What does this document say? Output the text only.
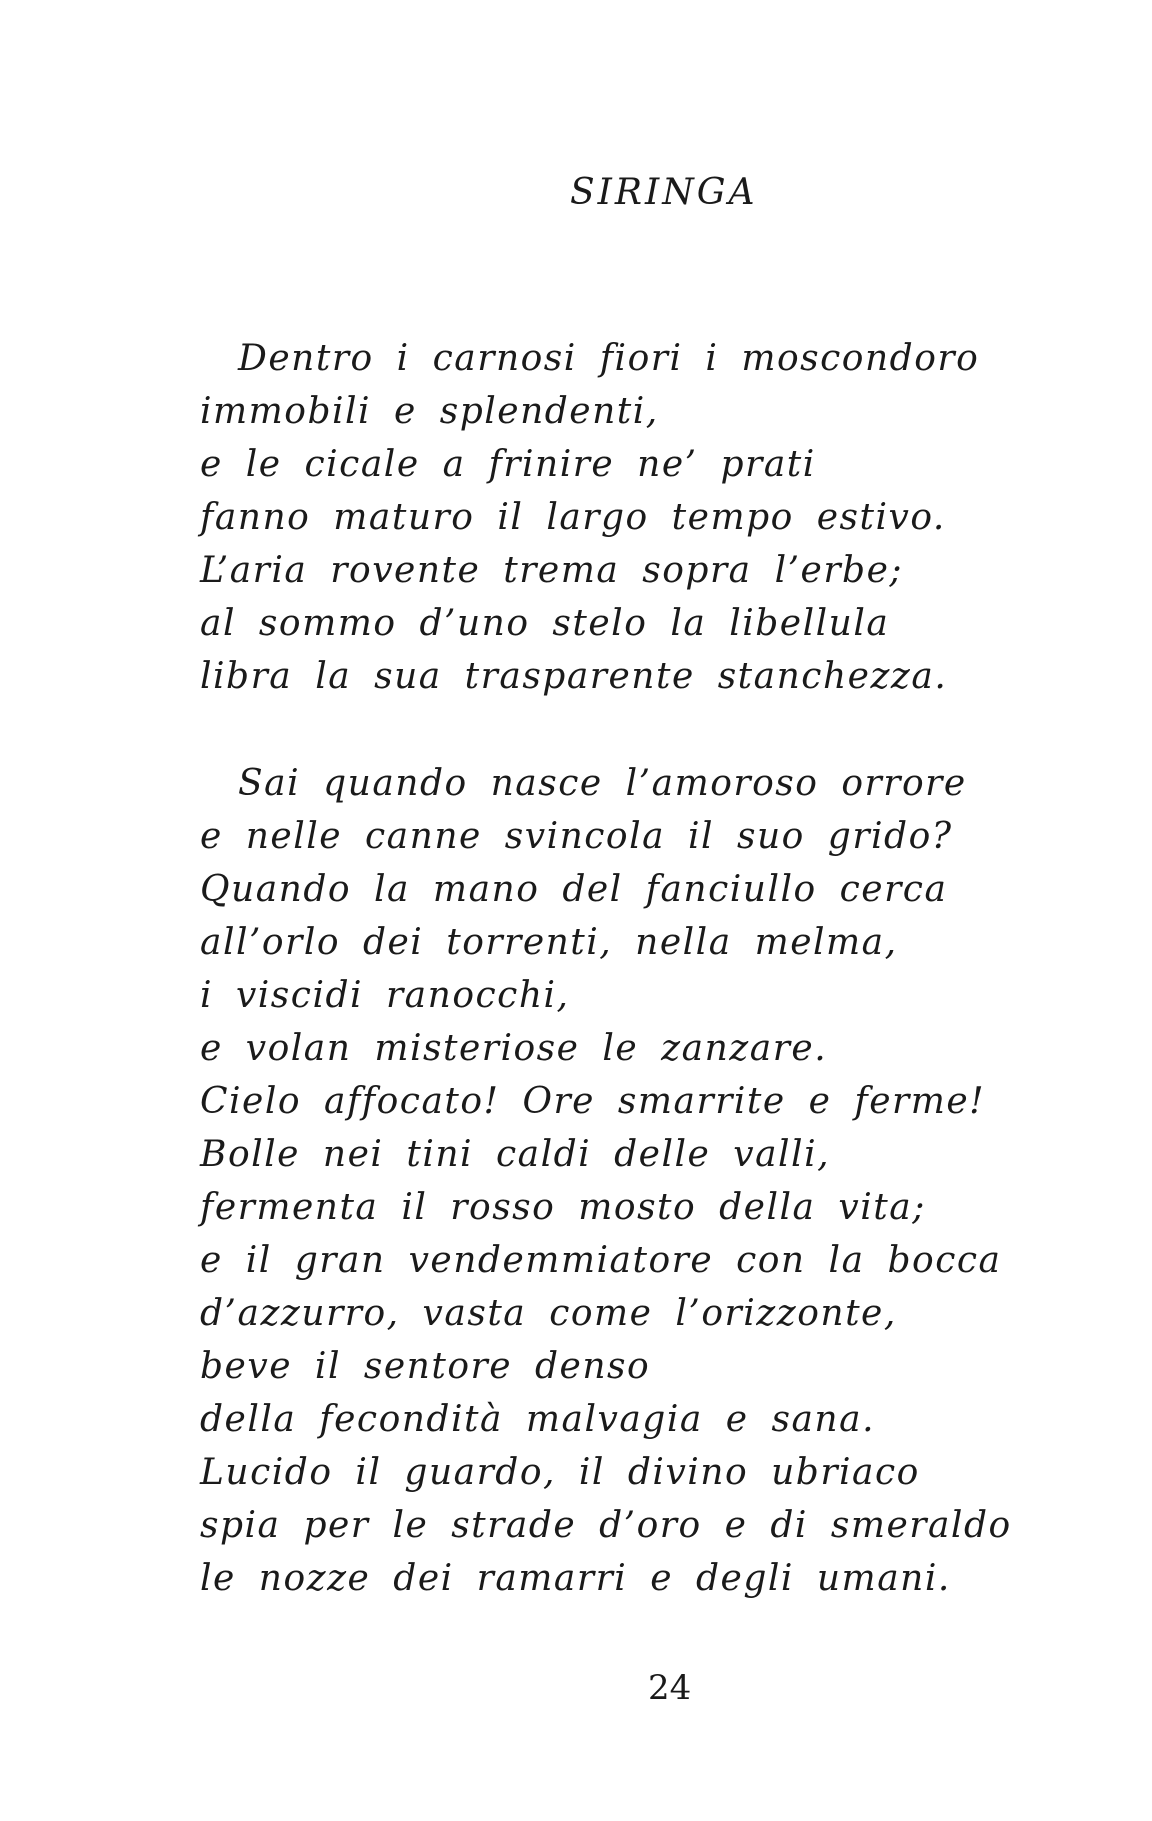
SIRINGA
Dentro i carnosi fiori i moscondoro
immobili e splendenti,
e le cicale a frinire ne’ prati
fanno maturo il largo tempo estivo.
L’aria rovente trema sopra l’erbe;
al sommo d’uno stelo la libellula
libra la sua trasparente stanchezza.
Sai quando nasce l’amoroso orrore
e nelle canne svincola il suo grido?
Quando la mano del fanciullo cerca
all’orlo dei torrenti, nella melma,
i viscidi ranocchi,
e volan misteriose le zanzare.
Cielo affocato! Ore smarrite e ferme!
Bolle nei tini caldi delle valli,
fermenta il rosso mosto della vita;
e il gran vendemmiatore con la bocca
d’azzurro, vasta come l’orizzonte,
beve il sentore denso
della fecondità malvagia e sana.
Lucido il guardo, il divino ubriaco
spia per le strade d’oro e di smeraldo
le nozze dei ramarri e degli umani.
24
